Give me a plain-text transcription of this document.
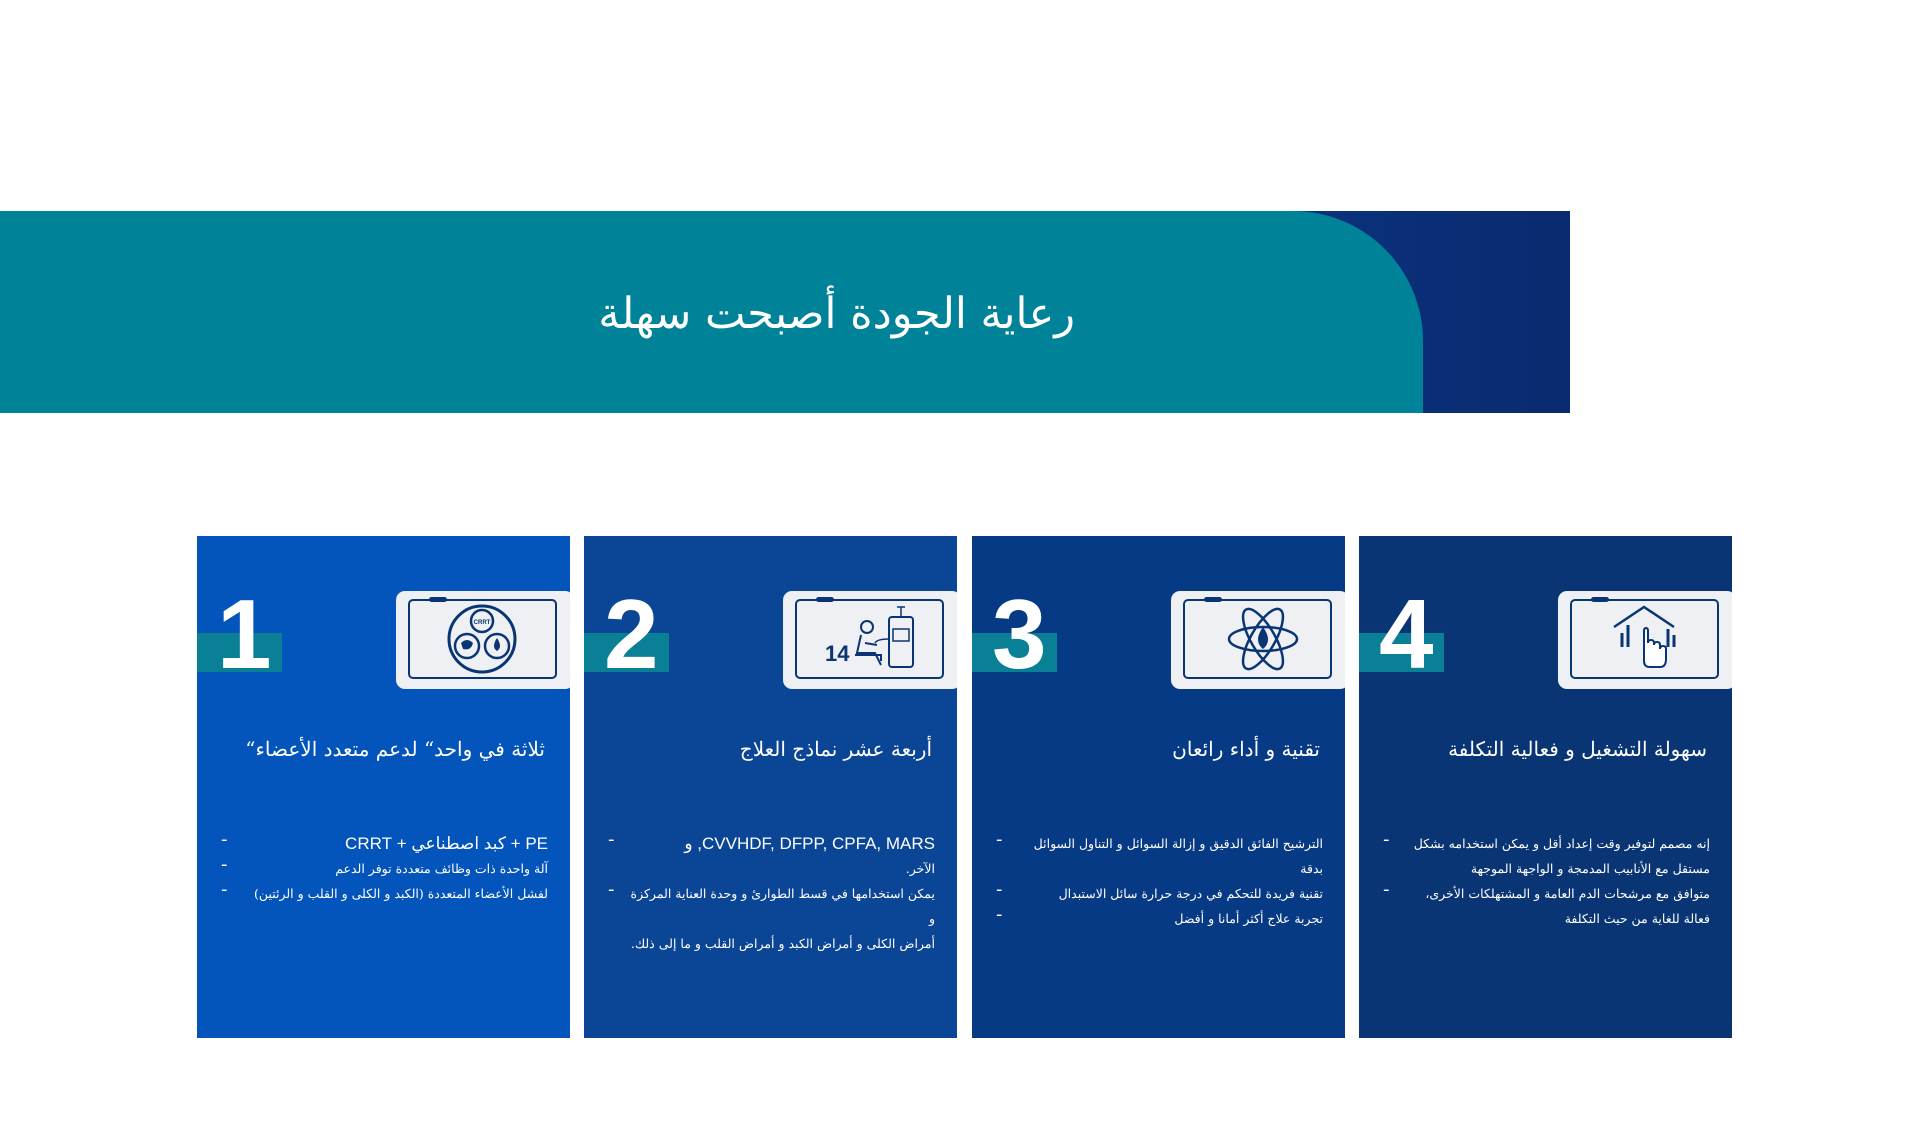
رعاية الجودة أصبحت سهلة
1	CRRT
ثلاثة في واحد“ لدعم متعدد الأعضاء“
-	PE + كبد اصطناعي + CRRT
-	آلة واحدة ذات وظائف متعددة توفر الدعم
- لفشل الأعضاء المتعددة (الكبد و الكلى و القلب و الرئتين)
2	14
أربعة عشر نماذج العلاج
-	CVVHDF, DFPP, CPFA, MARS, و
الآخر.
- يمكن استخدامها في قسط الطوارئ و وحدة العناية المركزة و
أمراض الكلى و أمراض الكبد و أمراض القلب و ما إلى ذلك.
3
تقنية و أداء رائعان
- الترشيح الفائق الدقيق و إزالة السوائل و التناول السوائل بدقة
-	تقنية فريدة للتحكم في درجة حرارة سائل الاستبدال
-	تجربة علاج أكثر أمانا و أفضل
4
سهولة التشغيل و فعالية التكلفة
- إنه مصمم لتوفير وقت إعداد أقل و يمكن استخدامه بشكل
مستقل مع الأنابيب المدمجة و الواجهة الموجهة
-	متوافق مع مرشحات الدم العامة و المشتهلكات الأخرى،
فعالة للغاية من حيث التكلفة
